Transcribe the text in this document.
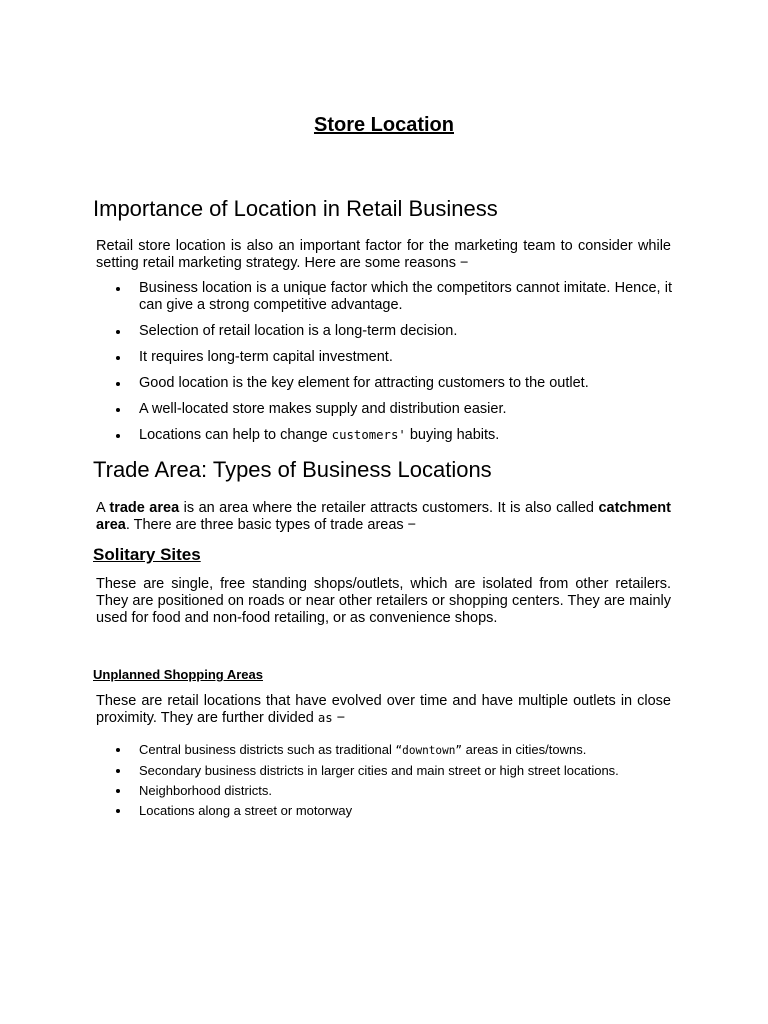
Store Location
Importance of Location in Retail Business
Retail store location is also an important factor for the marketing team to consider while setting retail marketing strategy. Here are some reasons −
Business location is a unique factor which the competitors cannot imitate. Hence, it can give a strong competitive advantage.
Selection of retail location is a long-term decision.
It requires long-term capital investment.
Good location is the key element for attracting customers to the outlet.
A well-located store makes supply and distribution easier.
Locations can help to change customers' buying habits.
Trade Area: Types of Business Locations
A trade area is an area where the retailer attracts customers. It is also called catchment area. There are three basic types of trade areas −
Solitary Sites
These are single, free standing shops/outlets, which are isolated from other retailers. They are positioned on roads or near other retailers or shopping centers. They are mainly used for food and non-food retailing, or as convenience shops.
Unplanned Shopping Areas
These are retail locations that have evolved over time and have multiple outlets in close proximity. They are further divided as −
Central business districts such as traditional “downtown” areas in cities/towns.
Secondary business districts in larger cities and main street or high street locations.
Neighborhood districts.
Locations along a street or motorway
